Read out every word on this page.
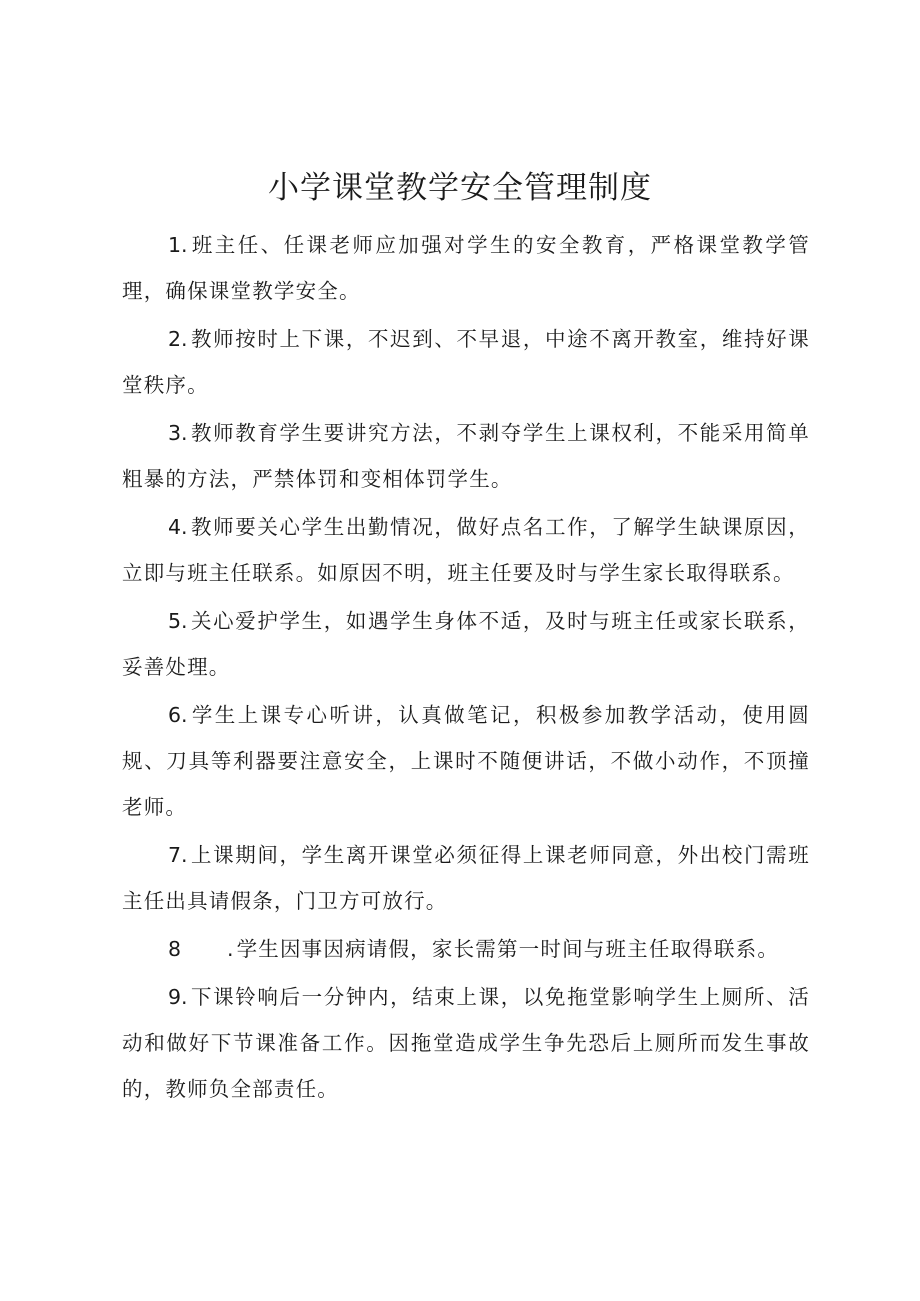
小学课堂教学安全管理制度

1. 班主任、任课老师应加强对学生的安全教育，严格课堂教学管理，确保课堂教学安全。

2. 教师按时上下课，不迟到、不早退，中途不离开教室，维持好课堂秩序。

3. 教师教育学生要讲究方法，不剥夺学生上课权利，不能采用简单粗暴的方法，严禁体罚和变相体罚学生。

4. 教师要关心学生出勤情况，做好点名工作，了解学生缺课原因，立即与班主任联系。如原因不明，班主任要及时与学生家长取得联系。

5. 关心爱护学生，如遇学生身体不适，及时与班主任或家长联系，妥善处理。

6. 学生上课专心听讲，认真做笔记，积极参加教学活动，使用圆规、刀具等利器要注意安全，上课时不随便讲话，不做小动作，不顶撞老师。

7. 上课期间，学生离开课堂必须征得上课老师同意，外出校门需班主任出具请假条，门卫方可放行。

8 . 学生因事因病请假，家长需第一时间与班主任取得联系。

9. 下课铃响后一分钟内，结束上课，以免拖堂影响学生上厕所、活动和做好下节课准备工作。因拖堂造成学生争先恐后上厕所而发生事故的，教师负全部责任。
